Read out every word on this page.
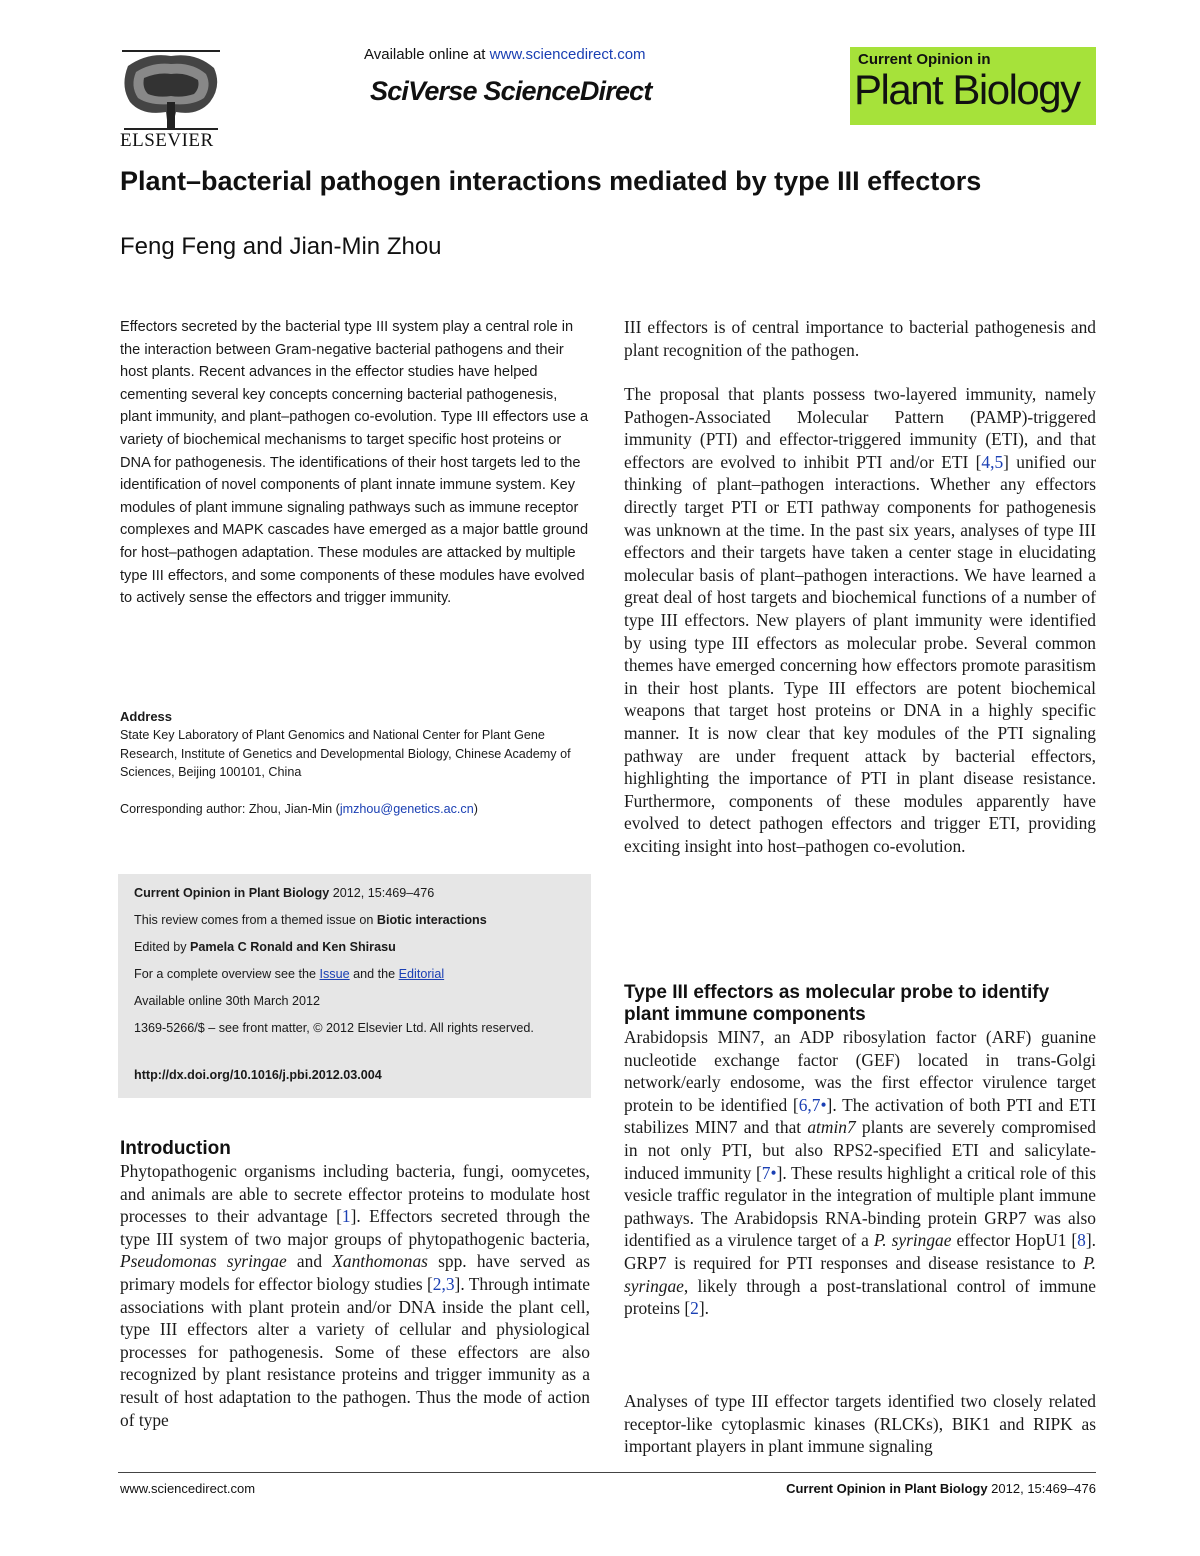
ELSEVIER
Available online at www.sciencedirect.com
SciVerse ScienceDirect
Current Opinion in
Plant Biology
Plant–bacterial pathogen interactions mediated by type III effectors
Feng Feng and Jian-Min Zhou
Effectors secreted by the bacterial type III system play a central role in the interaction between Gram-negative bacterial pathogens and their host plants. Recent advances in the effector studies have helped cementing several key concepts concerning bacterial pathogenesis, plant immunity, and plant–pathogen co-evolution. Type III effectors use a variety of biochemical mechanisms to target specific host proteins or DNA for pathogenesis. The identifications of their host targets led to the identification of novel components of plant innate immune system. Key modules of plant immune signaling pathways such as immune receptor complexes and MAPK cascades have emerged as a major battle ground for host–pathogen adaptation. These modules are attacked by multiple type III effectors, and some components of these modules have evolved to actively sense the effectors and trigger immunity.
Address
State Key Laboratory of Plant Genomics and National Center for Plant Gene Research, Institute of Genetics and Developmental Biology, Chinese Academy of Sciences, Beijing 100101, China
Corresponding author: Zhou, Jian-Min (jmzhou@genetics.ac.cn)
Current Opinion in Plant Biology 2012, 15:469–476
This review comes from a themed issue on Biotic interactions
Edited by Pamela C Ronald and Ken Shirasu
For a complete overview see the Issue and the Editorial
Available online 30th March 2012
1369-5266/$ – see front matter, © 2012 Elsevier Ltd. All rights reserved.
http://dx.doi.org/10.1016/j.pbi.2012.03.004
Introduction
Phytopathogenic organisms including bacteria, fungi, oomycetes, and animals are able to secrete effector proteins to modulate host processes to their advantage [1]. Effectors secreted through the type III system of two major groups of phytopathogenic bacteria, Pseudomonas syringae and Xanthomonas spp. have served as primary models for effector biology studies [2,3]. Through intimate associations with plant protein and/or DNA inside the plant cell, type III effectors alter a variety of cellular and physiological processes for pathogenesis. Some of these effectors are also recognized by plant resistance proteins and trigger immunity as a result of host adaptation to the pathogen. Thus the mode of action of type
III effectors is of central importance to bacterial pathogenesis and plant recognition of the pathogen.
The proposal that plants possess two-layered immunity, namely Pathogen-Associated Molecular Pattern (PAMP)-triggered immunity (PTI) and effector-triggered immunity (ETI), and that effectors are evolved to inhibit PTI and/or ETI [4,5] unified our thinking of plant–pathogen interactions. Whether any effectors directly target PTI or ETI pathway components for pathogenesis was unknown at the time. In the past six years, analyses of type III effectors and their targets have taken a center stage in elucidating molecular basis of plant–pathogen interactions. We have learned a great deal of host targets and biochemical functions of a number of type III effectors. New players of plant immunity were identified by using type III effectors as molecular probe. Several common themes have emerged concerning how effectors promote parasitism in their host plants. Type III effectors are potent biochemical weapons that target host proteins or DNA in a highly specific manner. It is now clear that key modules of the PTI signaling pathway are under frequent attack by bacterial effectors, highlighting the importance of PTI in plant disease resistance. Furthermore, components of these modules apparently have evolved to detect pathogen effectors and trigger ETI, providing exciting insight into host–pathogen co-evolution.
Type III effectors as molecular probe to identify plant immune components
Arabidopsis MIN7, an ADP ribosylation factor (ARF) guanine nucleotide exchange factor (GEF) located in trans-Golgi network/early endosome, was the first effector virulence target protein to be identified [6,7•]. The activation of both PTI and ETI stabilizes MIN7 and that atmin7 plants are severely compromised in not only PTI, but also RPS2-specified ETI and salicylate-induced immunity [7•]. These results highlight a critical role of this vesicle traffic regulator in the integration of multiple plant immune pathways. The Arabidopsis RNA-binding protein GRP7 was also identified as a virulence target of a P. syringae effector HopU1 [8]. GRP7 is required for PTI responses and disease resistance to P. syringae, likely through a post-translational control of immune proteins [2].
Analyses of type III effector targets identified two closely related receptor-like cytoplasmic kinases (RLCKs), BIK1 and RIPK as important players in plant immune signaling
www.sciencedirect.com	Current Opinion in Plant Biology 2012, 15:469–476
